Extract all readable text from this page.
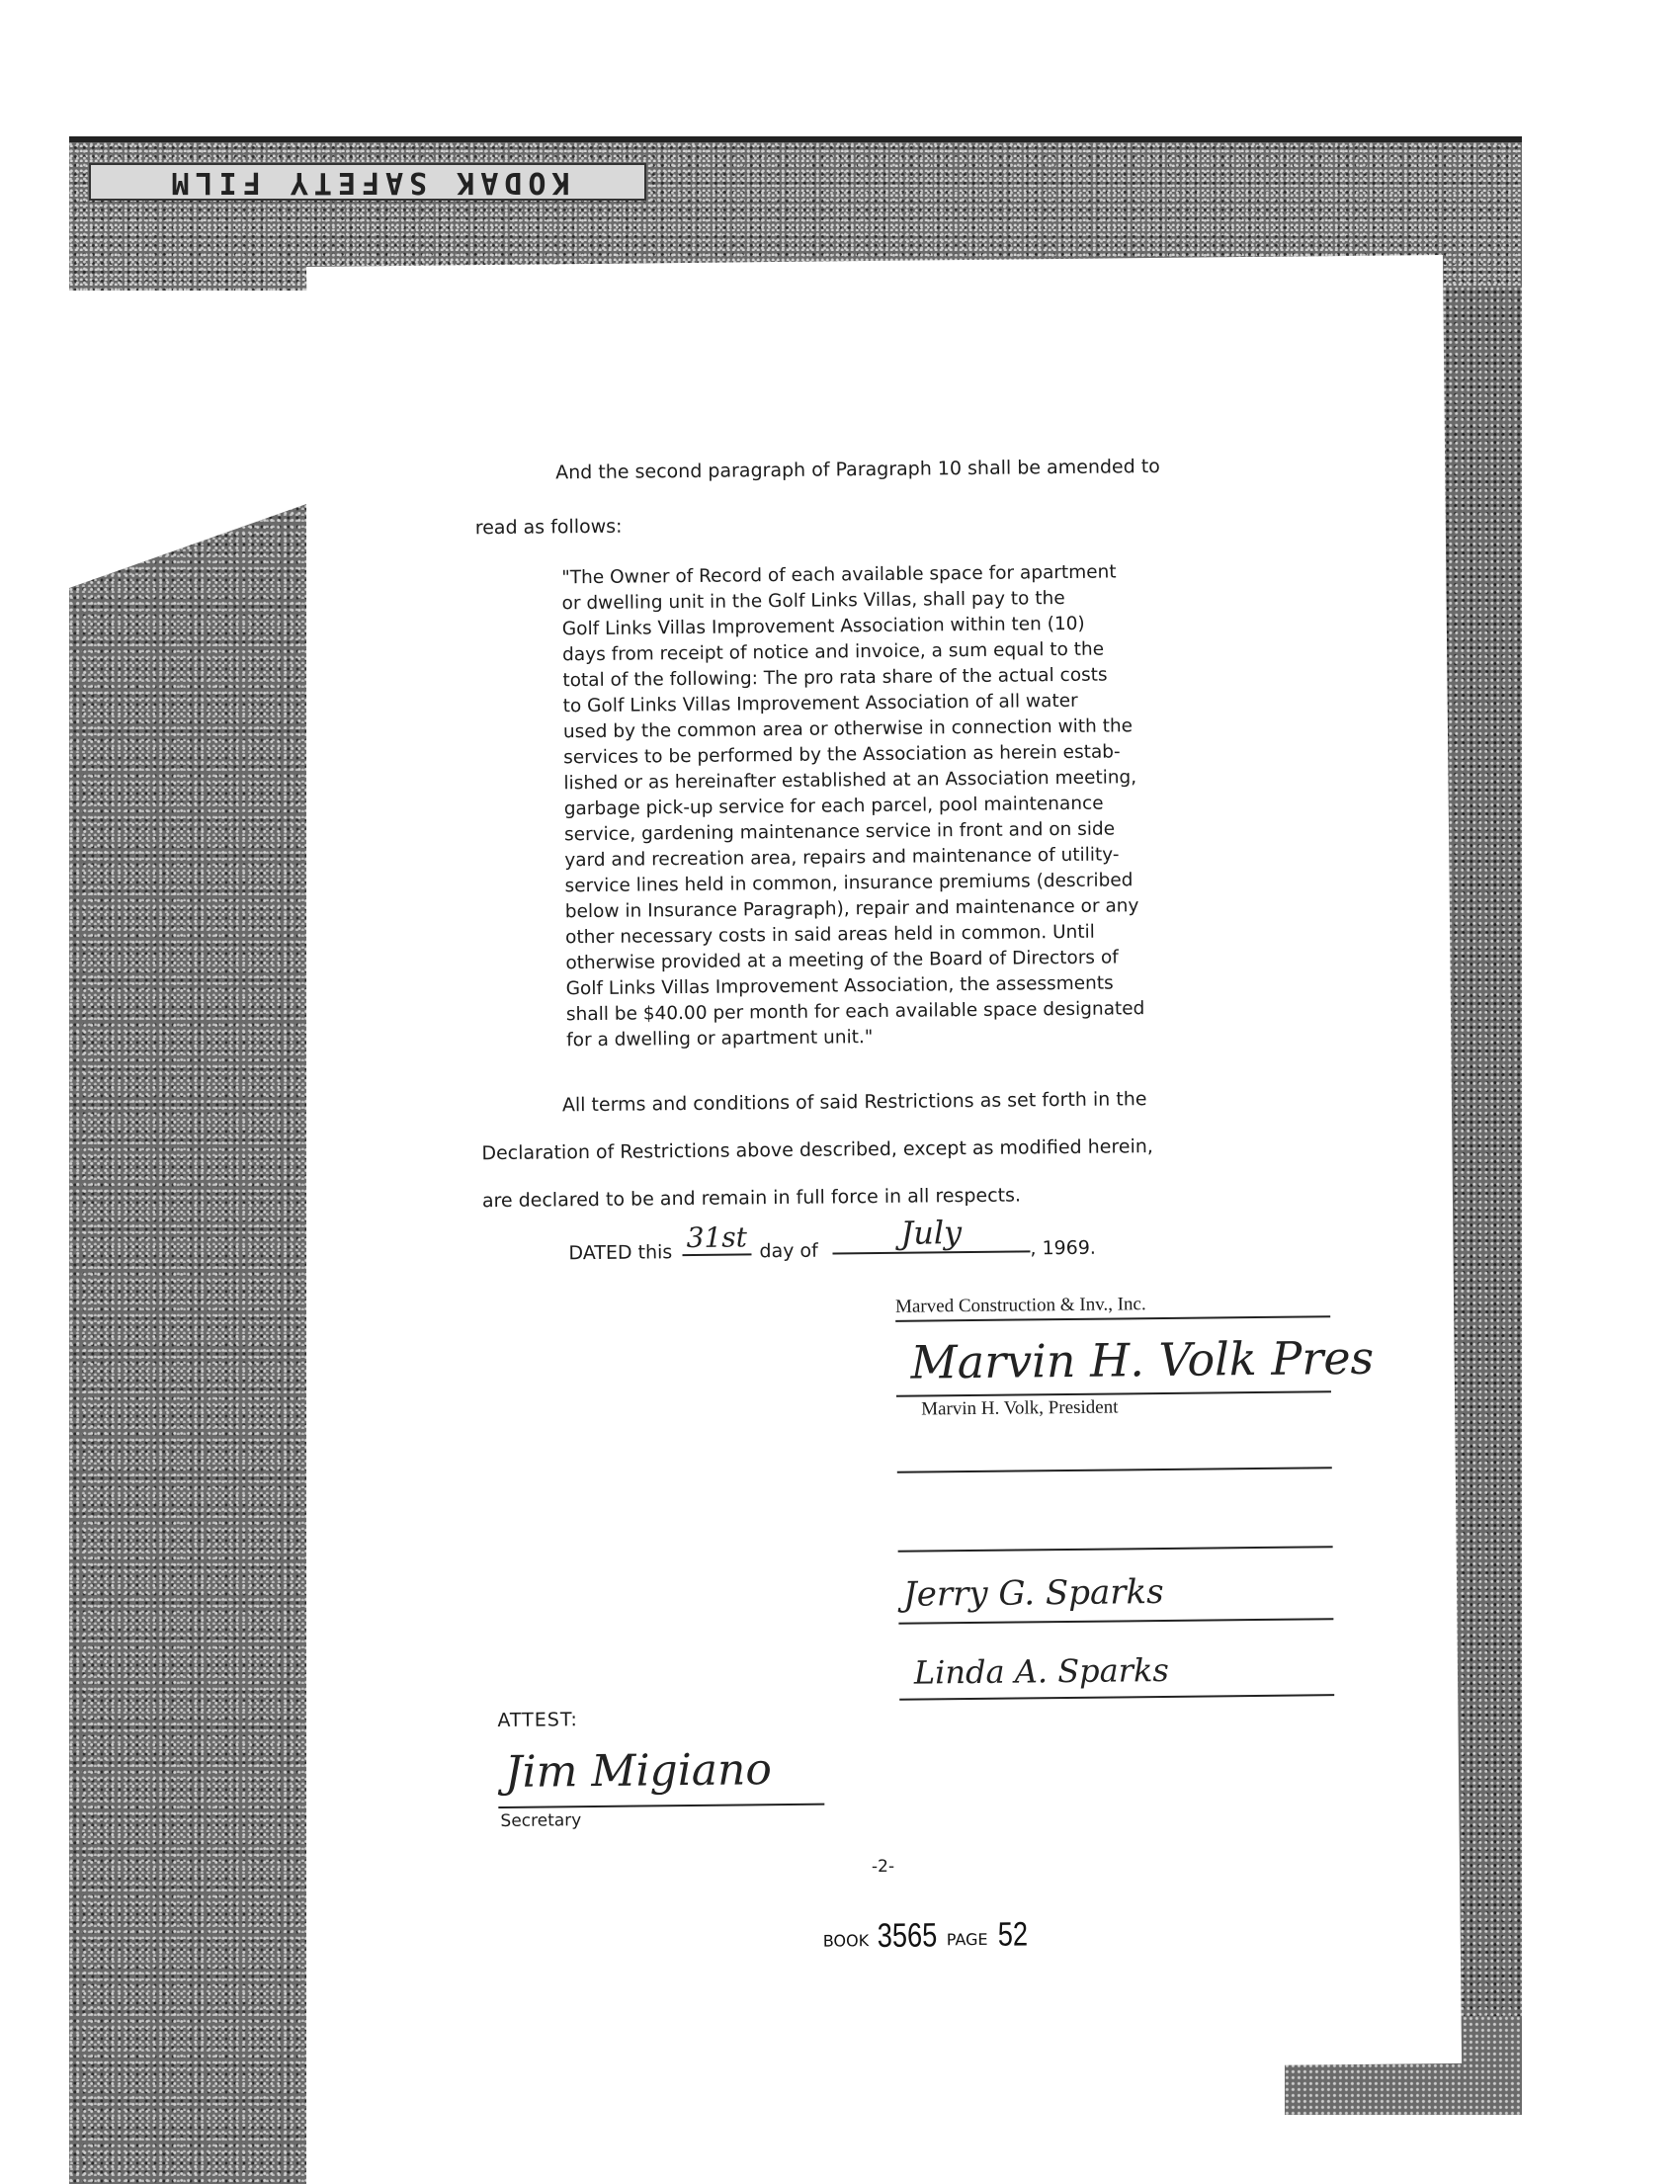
KODAK SAFETY FILM
And the second paragraph of Paragraph 10 shall be amended to
read as follows:
"The Owner of Record of each available space for apartment
or dwelling unit in the Golf Links Villas, shall pay to the
Golf Links Villas Improvement Association within ten (10)
days from receipt of notice and invoice, a sum equal to the
total of the following: The pro rata share of the actual costs
to Golf Links Villas Improvement Association of all water
used by the common area or otherwise in connection with the
services to be performed by the Association as herein estab-
lished or as hereinafter established at an Association meeting,
garbage pick-up service for each parcel, pool maintenance
service, gardening maintenance service in front and on side
yard and recreation area, repairs and maintenance of utility-
service lines held in common, insurance premiums (described
below in Insurance Paragraph), repair and maintenance or any
other necessary costs in said areas held in common. Until
otherwise provided at a meeting of the Board of Directors of
Golf Links Villas Improvement Association, the assessments
shall be $40.00 per month for each available space designated
for a dwelling or apartment unit."
All terms and conditions of said Restrictions as set forth in the
Declaration of Restrictions above described, except as modified herein,
are declared to be and remain in full force in all respects.
DATED this 31st day of	July	, 1969.
Marved Construction & Inv., Inc.
Marvin H. Volk Pres
Marvin H. Volk, President
Jerry G. Sparks
Linda A. Sparks
ATTEST:
Jim Migiano
Secretary
-2-
BOOK 3565 PAGE 52
